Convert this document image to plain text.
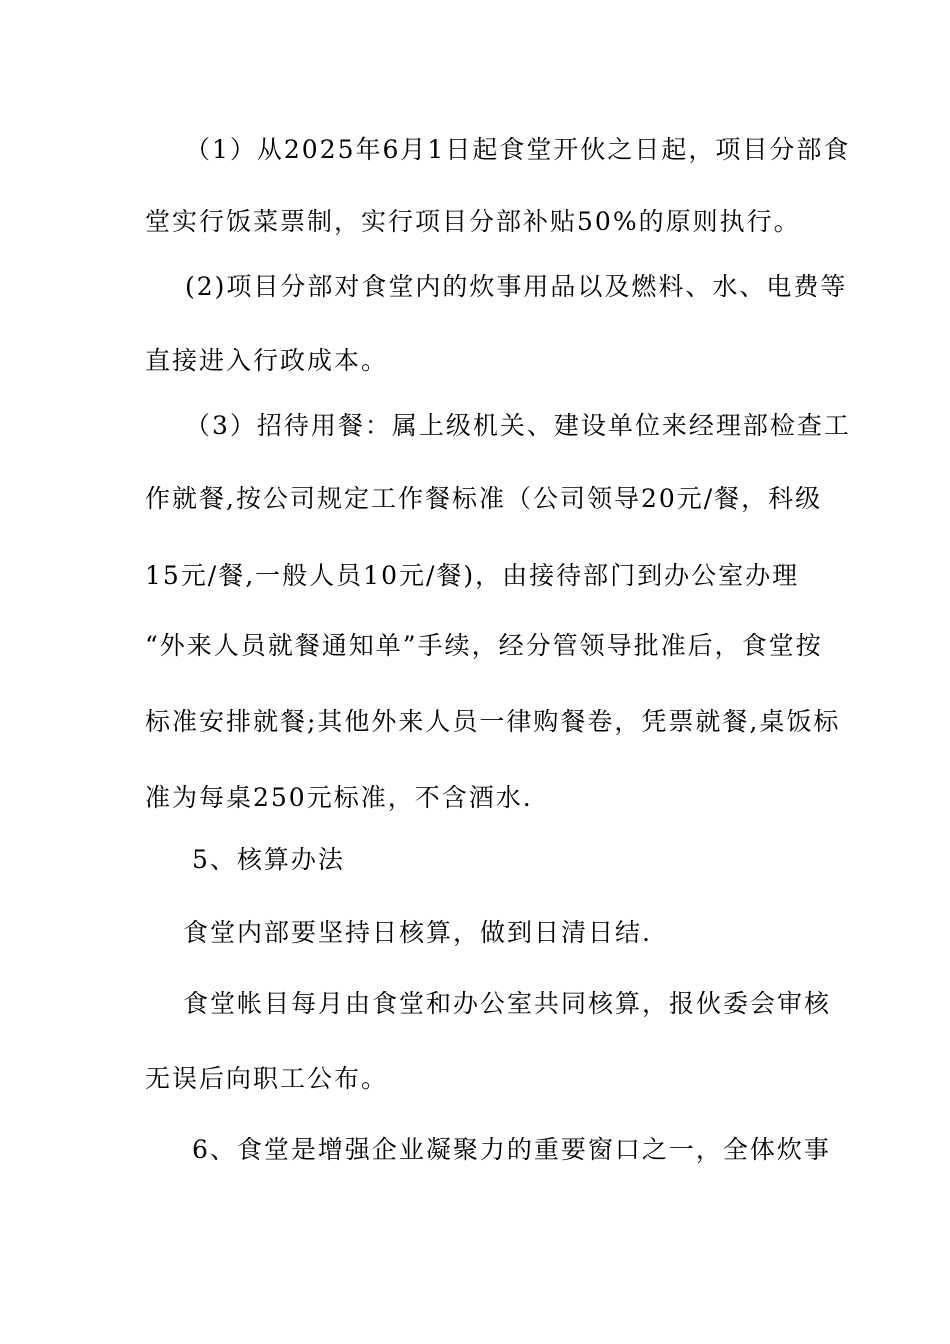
（1）从2025年6月1日起食堂开伙之日起，项目分部食

堂实行饭菜票制，实行项目分部补贴50%的原则执行。

(2)项目分部对食堂内的炊事用品以及燃料、水、电费等

直接进入行政成本。

（3）招待用餐：属上级机关、建设单位来经理部检查工

作就餐,按公司规定工作餐标准（公司领导20元/餐，科级

15元/餐,一般人员10元/餐)，由接待部门到办公室办理

“外来人员就餐通知单”手续，经分管领导批准后，食堂按

标准安排就餐;其他外来人员一律购餐卷，凭票就餐,桌饭标

准为每桌250元标准，不含酒水.

5、核算办法

食堂内部要坚持日核算，做到日清日结.

食堂帐目每月由食堂和办公室共同核算，报伙委会审核

无误后向职工公布。

6、食堂是增强企业凝聚力的重要窗口之一，全体炊事
